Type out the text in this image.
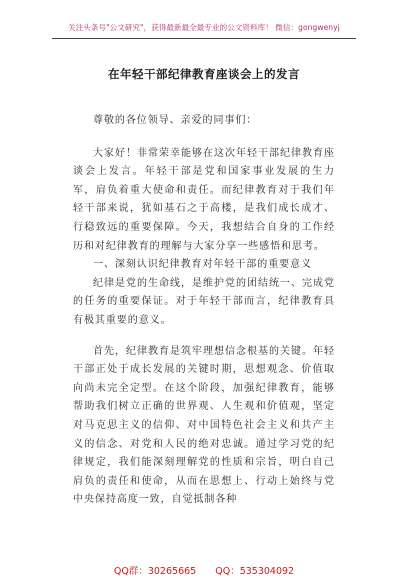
关注头条号"公文研究"，获得最新最全最专业的公文资料库！ 微信：gongwenyj
在年轻干部纪律教育座谈会上的发言

尊敬的各位领导、亲爱的同事们：

大家好！非常荣幸能够在这次年轻干部纪律教育座谈会上发言。年轻干部是党和国家事业发展的生力军，肩负着重大使命和责任。而纪律教育对于我们年轻干部来说，犹如基石之于高楼，是我们成长成才、行稳致远的重要保障。今天，我想结合自身的工作经历和对纪律教育的理解与大家分享一些感悟和思考。

一、深刻认识纪律教育对年轻干部的重要意义

纪律是党的生命线，是维护党的团结统一、完成党的任务的重要保证。对于年轻干部而言，纪律教育具有极其重要的意义。

首先，纪律教育是筑牢理想信念根基的关键。年轻干部正处于成长发展的关键时期，思想观念、价值取向尚未完全定型。在这个阶段，加强纪律教育，能够帮助我们树立正确的世界观、人生观和价值观，坚定对马克思主义的信仰、对中国特色社会主义和共产主义的信念、对党和人民的绝对忠诚。通过学习党的纪律规定，我们能深刻理解党的性质和宗旨，明白自己肩负的责任和使命，从而在思想上、行动上始终与党中央保持高度一致，自觉抵制各种

QQ群：30265665 QQ：535304092
